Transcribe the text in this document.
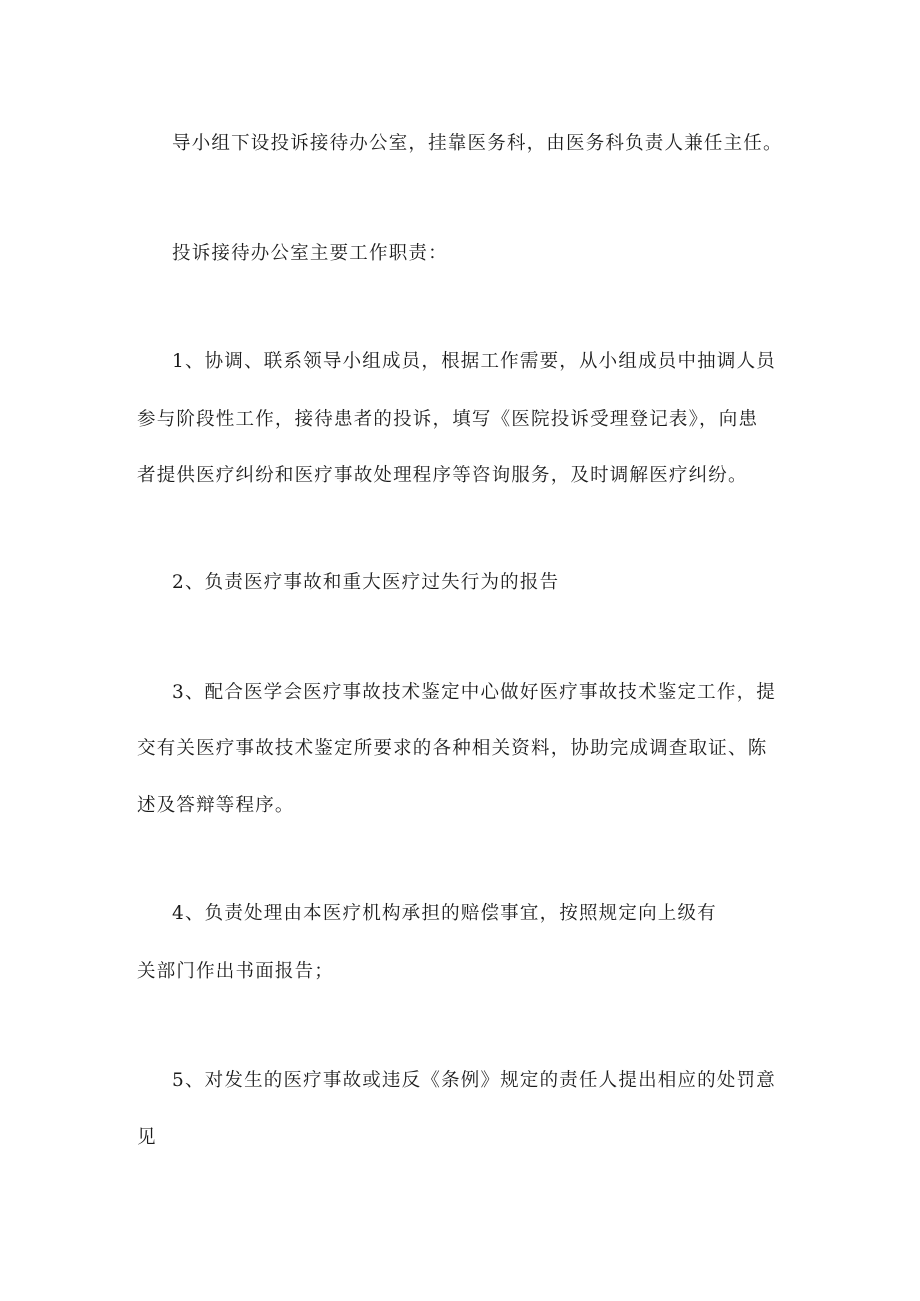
导小组下设投诉接待办公室，挂靠医务科，由医务科负责人兼任主任。

投诉接待办公室主要工作职责：

1、协调、联系领导小组成员，根据工作需要，从小组成员中抽调人员

参与阶段性工作，接待患者的投诉，填写《医院投诉受理登记表》，向患

者提供医疗纠纷和医疗事故处理程序等咨询服务，及时调解医疗纠纷。

2、负责医疗事故和重大医疗过失行为的报告

3、配合医学会医疗事故技术鉴定中心做好医疗事故技术鉴定工作，提

交有关医疗事故技术鉴定所要求的各种相关资料，协助完成调查取证、陈

述及答辩等程序。

4、负责处理由本医疗机构承担的赔偿事宜，按照规定向上级有

关部门作出书面报告；

5、对发生的医疗事故或违反《条例》规定的责任人提出相应的处罚意

见
